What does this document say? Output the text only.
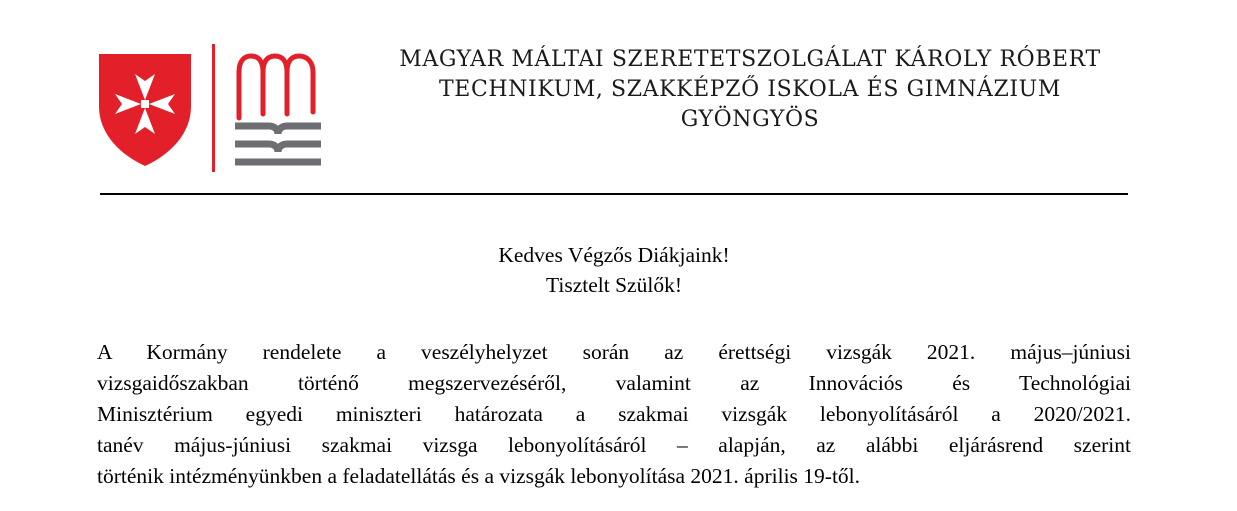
MAGYAR MÁLTAI SZERETETSZOLGÁLAT KÁROLY RÓBERT
TECHNIKUM, SZAKKÉPZŐ ISKOLA ÉS GIMNÁZIUM
GYÖNGYÖS
Kedves Végzős Diákjaink!
Tisztelt Szülők!
A Kormány rendelete a veszélyhelyzet során az érettségi vizsgák 2021. május–júniusi
vizsgaidőszakban történő megszervezéséről, valamint az Innovációs és Technológiai
Minisztérium egyedi miniszteri határozata a szakmai vizsgák lebonyolításáról a 2020/2021.
tanév május-júniusi szakmai vizsga lebonyolításáról – alapján, az alábbi eljárásrend szerint
történik intézményünkben a feladatellátás és a vizsgák lebonyolítása 2021. április 19-től.
